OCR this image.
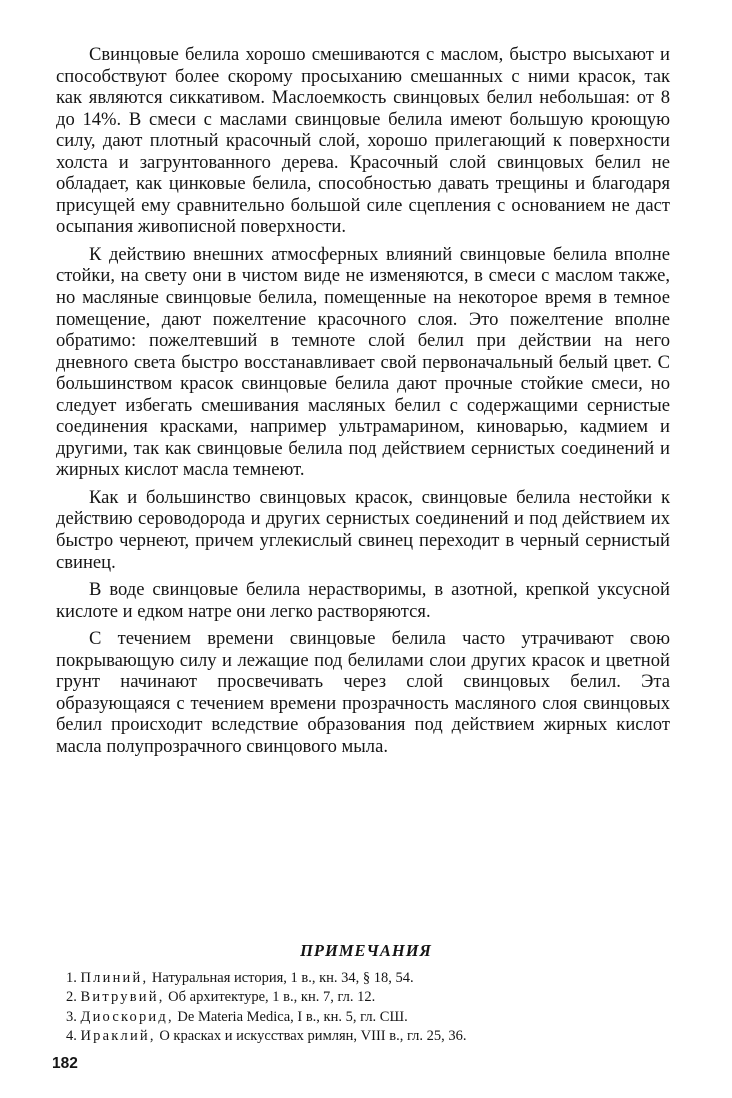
Свинцовые белила хорошо смешиваются с маслом, быстро высыхают и способствуют более скорому просыханию смешанных с ними красок, так как являются сиккативом. Маслоемкость свинцовых белил небольшая: от 8 до 14%. В смеси с маслами свинцовые белила имеют большую кроющую силу, дают плотный красочный слой, хорошо прилегающий к поверхности холста и загрунтованного дерева. Красочный слой свинцовых белил не обладает, как цинковые белила, способностью давать трещины и благодаря присущей ему сравнительно большой силе сцепления с основанием не даст осыпания живописной поверхности.

К действию внешних атмосферных влияний свинцовые белила вполне стойки, на свету они в чистом виде не изменяются, в смеси с маслом также, но масляные свинцовые белила, помещенные на некоторое время в темное помещение, дают пожелтение красочного слоя. Это пожелтение вполне обратимо: пожелтевший в темноте слой белил при действии на него дневного света быстро восстанавливает свой первоначальный белый цвет. С большинством красок свинцовые белила дают прочные стойкие смеси, но следует избегать смешивания масляных белил с содержащими сернистые соединения красками, например ультрамарином, киноварью, кадмием и другими, так как свинцовые белила под действием сернистых соединений и жирных кислот масла темнеют.

Как и большинство свинцовых красок, свинцовые белила нестойки к действию сероводорода и других сернистых соединений и под действием их быстро чернеют, причем углекислый свинец переходит в черный сернистый свинец.

В воде свинцовые белила нерастворимы, в азотной, крепкой уксусной кислоте и едком натре они легко растворяются.

С течением времени свинцовые белила часто утрачивают свою покрывающую силу и лежащие под белилами слои других красок и цветной грунт начинают просвечивать через слой свинцовых белил. Эта образующаяся с течением времени прозрачность масляного слоя свинцовых белил происходит вследствие образования под действием жирных кислот масла полупрозрачного свинцового мыла.

ПРИМЕЧАНИЯ
1. Плиний, Натуральная история, 1 в., кн. 34, § 18, 54.
2. Витрувий, Об архитектуре, 1 в., кн. 7, гл. 12.
3. Диоскорид, De Materia Medica, I в., кн. 5, гл. СШ.
4. Ираклий, О красках и искусствах римлян, VIII в., гл. 25, 36.
182
